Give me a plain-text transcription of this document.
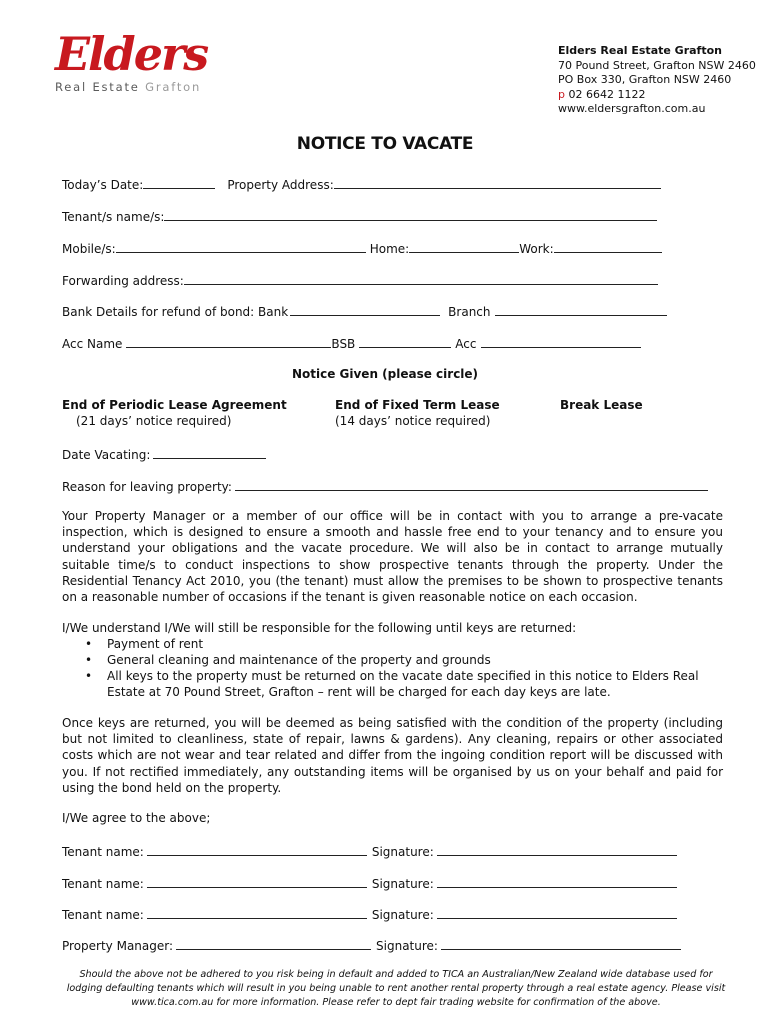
Elders
Real Estate Grafton
Elders Real Estate Grafton
70 Pound Street, Grafton NSW 2460
PO Box 330, Grafton NSW 2460
p 02 6642 1122
www.eldersgrafton.com.au
NOTICE TO VACATE
Today’s Date:	Property Address:
Tenant/s name/s:
Mobile/s:	Home:	Work:
Forwarding address:
Bank Details for refund of bond: Bank	Branch
Acc Name	BSB	Acc
Notice Given (please circle)
End of Periodic Lease Agreement
(21 days’ notice required)
End of Fixed Term Lease
(14 days’ notice required)
Break Lease
Date Vacating:
Reason for leaving property:

Your Property Manager or a member of our office will be in contact with you to arrange a pre-vacate inspection, which is designed to ensure a smooth and hassle free end to your tenancy and to ensure you understand your obligations and the vacate procedure. We will also be in contact to arrange mutually suitable time/s to conduct inspections to show prospective tenants through the property. Under the Residential Tenancy Act 2010, you (the tenant) must allow the premises to be shown to prospective tenants on a reasonable number of occasions if the tenant is given reasonable notice on each occasion.

I/We understand I/We will still be responsible for the following until keys are returned:

• Payment of rent
• General cleaning and maintenance of the property and grounds
• All keys to the property must be returned on the vacate date specified in this notice to Elders Real Estate at 70 Pound Street, Grafton – rent will be charged for each day keys are late.

Once keys are returned, you will be deemed as being satisfied with the condition of the property (including but not limited to cleanliness, state of repair, lawns & gardens). Any cleaning, repairs or other associated costs which are not wear and tear related and differ from the ingoing condition report will be discussed with you. If not rectified immediately, any outstanding items will be organised by us on your behalf and paid for using the bond held on the property.

I/We agree to the above;
Tenant name:	Signature:
Tenant name:	Signature:
Tenant name:	Signature:
Property Manager:	Signature:
Should the above not be adhered to you risk being in default and added to TICA an Australian/New Zealand wide database used for lodging defaulting tenants which will result in you being unable to rent another rental property through a real estate agency. Please visit www.tica.com.au for more information. Please refer to dept fair trading website for confirmation of the above.
